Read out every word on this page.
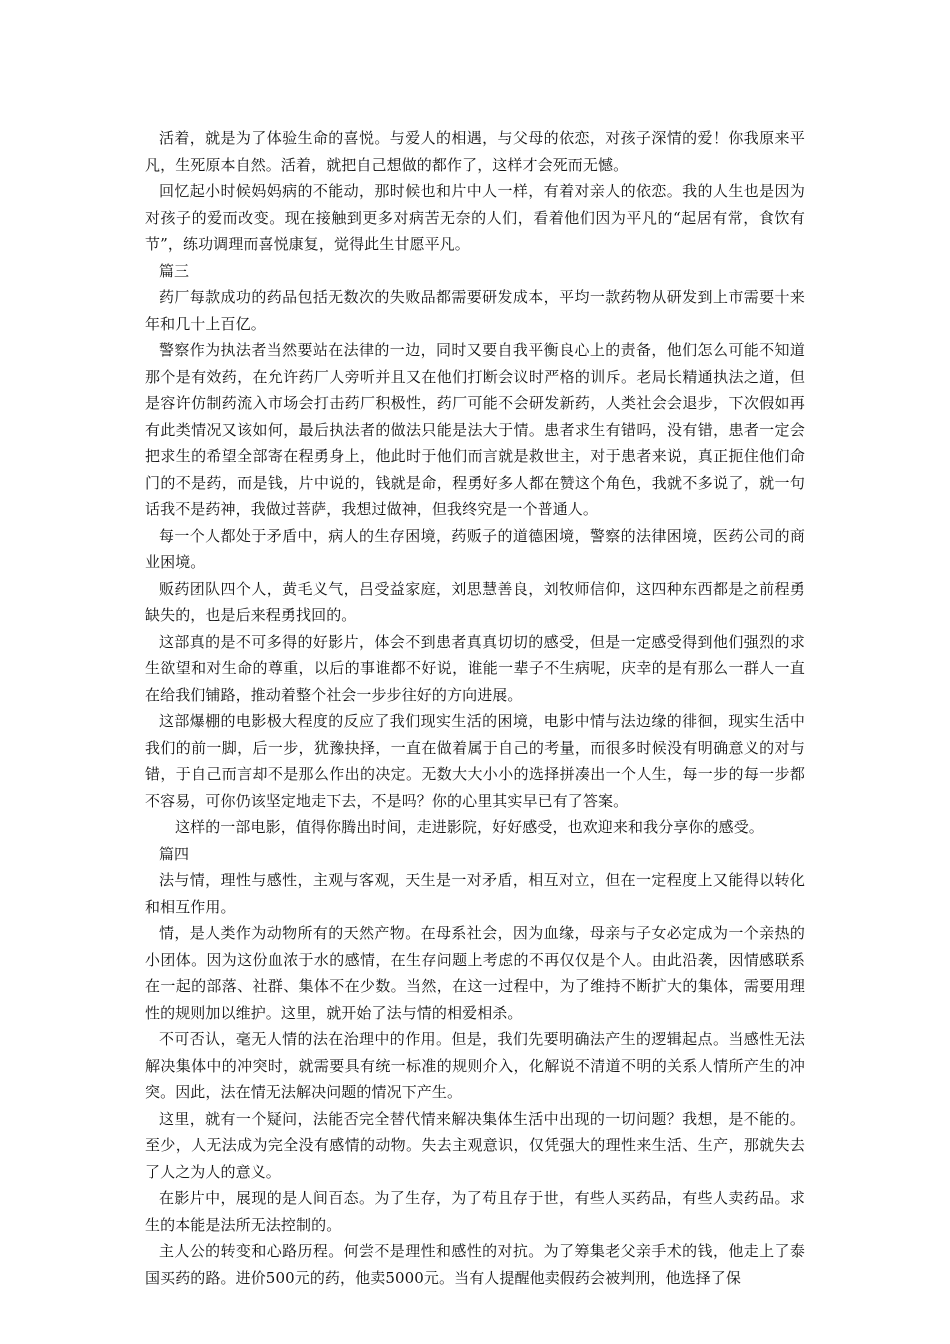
活着，就是为了体验生命的喜悦。与爱人的相遇，与父母的依恋，对孩子深情的爱！你我原来平凡，生死原本自然。活着，就把自己想做的都作了，这样才会死而无憾。

回忆起小时候妈妈病的不能动，那时候也和片中人一样，有着对亲人的依恋。我的人生也是因为对孩子的爱而改变。现在接触到更多对病苦无奈的人们，看着他们因为平凡的“起居有常，食饮有节”，练功调理而喜悦康复，觉得此生甘愿平凡。

篇三

药厂每款成功的药品包括无数次的失败品都需要研发成本，平均一款药物从研发到上市需要十来年和几十上百亿。

警察作为执法者当然要站在法律的一边，同时又要自我平衡良心上的责备，他们怎么可能不知道那个是有效药，在允许药厂人旁听并且又在他们打断会议时严格的训斥。老局长精通执法之道，但是容许仿制药流入市场会打击药厂积极性，药厂可能不会研发新药，人类社会会退步，下次假如再有此类情况又该如何，最后执法者的做法只能是法大于情。患者求生有错吗，没有错，患者一定会把求生的希望全部寄在程勇身上，他此时于他们而言就是救世主，对于患者来说，真正扼住他们命门的不是药，而是钱，片中说的，钱就是命，程勇好多人都在赞这个角色，我就不多说了，就一句话我不是药神，我做过菩萨，我想过做神，但我终究是一个普通人。

每一个人都处于矛盾中，病人的生存困境，药贩子的道德困境，警察的法律困境，医药公司的商业困境。

贩药团队四个人，黄毛义气，吕受益家庭，刘思慧善良，刘牧师信仰，这四种东西都是之前程勇缺失的，也是后来程勇找回的。

这部真的是不可多得的好影片，体会不到患者真真切切的感受，但是一定感受得到他们强烈的求生欲望和对生命的尊重，以后的事谁都不好说，谁能一辈子不生病呢，庆幸的是有那么一群人一直在给我们铺路，推动着整个社会一步步往好的方向进展。

这部爆棚的电影极大程度的反应了我们现实生活的困境，电影中情与法边缘的徘徊，现实生活中我们的前一脚，后一步，犹豫抉择，一直在做着属于自己的考量，而很多时候没有明确意义的对与错，于自己而言却不是那么作出的决定。无数大大小小的选择拼凑出一个人生，每一步的每一步都不容易，可你仍该坚定地走下去，不是吗？你的心里其实早已有了答案。

这样的一部电影，值得你腾出时间，走进影院，好好感受，也欢迎来和我分享你的感受。

篇四

法与情，理性与感性，主观与客观，天生是一对矛盾，相互对立，但在一定程度上又能得以转化和相互作用。

情，是人类作为动物所有的天然产物。在母系社会，因为血缘，母亲与子女必定成为一个亲热的小团体。因为这份血浓于水的感情，在生存问题上考虑的不再仅仅是个人。由此沿袭，因情感联系在一起的部落、社群、集体不在少数。当然，在这一过程中，为了维持不断扩大的集体，需要用理性的规则加以维护。这里，就开始了法与情的相爱相杀。

不可否认，毫无人情的法在治理中的作用。但是，我们先要明确法产生的逻辑起点。当感性无法解决集体中的冲突时，就需要具有统一标准的规则介入，化解说不清道不明的关系人情所产生的冲突。因此，法在情无法解决问题的情况下产生。

这里，就有一个疑问，法能否完全替代情来解决集体生活中出现的一切问题？我想，是不能的。至少，人无法成为完全没有感情的动物。失去主观意识，仅凭强大的理性来生活、生产，那就失去了人之为人的意义。

在影片中，展现的是人间百态。为了生存，为了苟且存于世，有些人买药品，有些人卖药品。求生的本能是法所无法控制的。

主人公的转变和心路历程。何尝不是理性和感性的对抗。为了筹集老父亲手术的钱，他走上了泰国买药的路。进价500元的药，他卖5000元。当有人提醒他卖假药会被判刑，他选择了保
